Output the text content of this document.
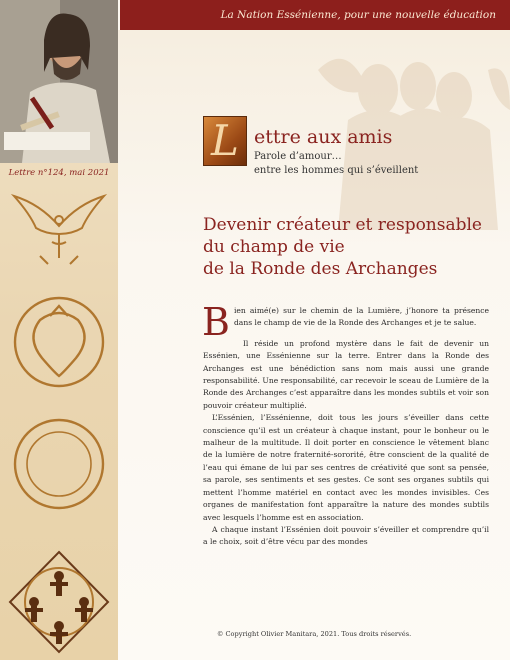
Lettre n°124, mai 2021
La Nation Essénienne, pour une nouvelle éducation
L ettre aux amis
Parole d’amour…
entre les hommes qui s’éveillent
Devenir créateur et responsable
du champ de vie
de la Ronde des Archanges
B ien aimé(e) sur le chemin de la Lumière, j’honore ta présence dans le champ de vie de la Ronde des Archanges et je te salue.

Il réside un profond mystère dans le fait de devenir un Essénien, une Essénienne sur la terre. Entrer dans la Ronde des Archanges est une bénédiction sans nom mais aussi une grande responsabilité. Une responsabilité, car recevoir le sceau de Lumière de la Ronde des Archanges c’est apparaître dans les mondes subtils et voir son pouvoir créateur multiplié.

L’Essénien, l’Essénienne, doit tous les jours s’éveiller dans cette conscience qu’il est un créateur à chaque instant, pour le bonheur ou le malheur de la multitude. Il doit porter en conscience le vêtement blanc de la lumière de notre fraternité-sororité, être conscient de la qualité de l’eau qui émane de lui par ses centres de créativité que sont sa pensée, sa parole, ses sentiments et ses gestes. Ce sont ses organes subtils qui mettent l’homme matériel en contact avec les mondes invisibles. Ces organes de manifestation font apparaître la nature des mondes subtils avec lesquels l’homme est en association.

A chaque instant l’Essénien doit pouvoir s’éveiller et comprendre qu’il a le choix, soit d’être vécu par des mondes

© Copyright Olivier Manitara, 2021. Tous droits réservés.
